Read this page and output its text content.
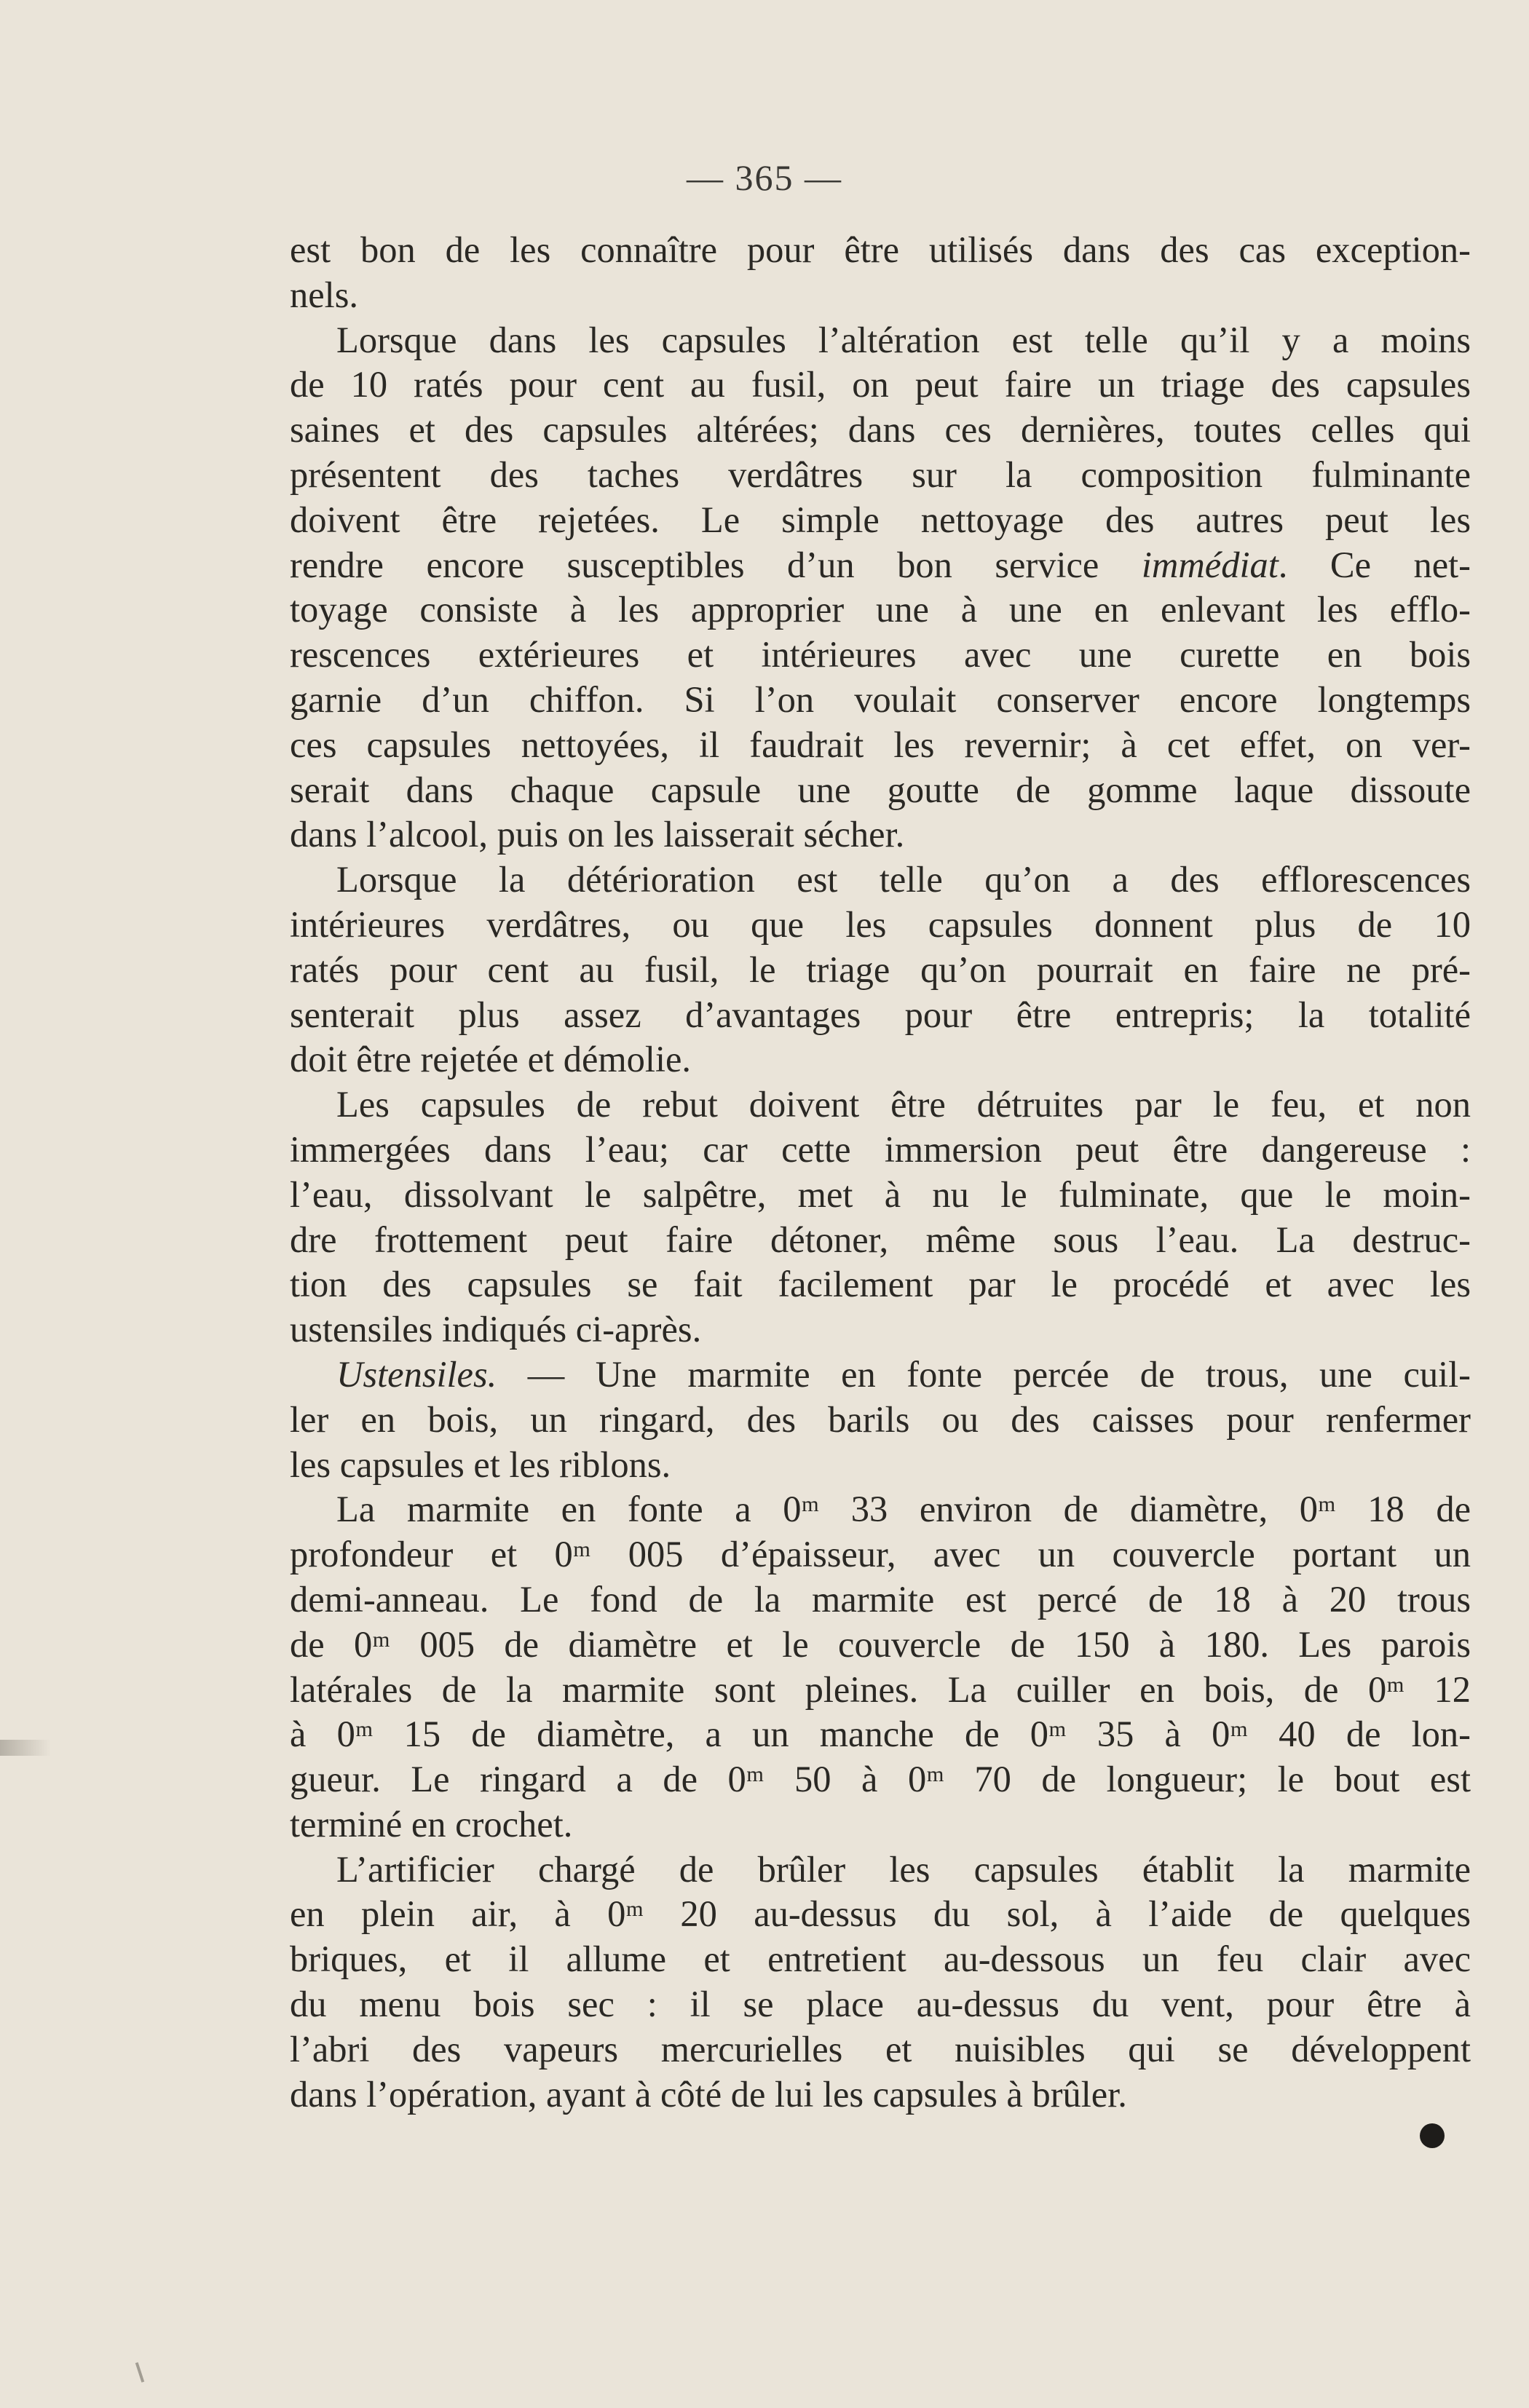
— 365 —
est bon de les connaître pour être utilisés dans des cas exception-
nels.
Lorsque dans les capsules l’altération est telle qu’il y a moins
de 10 ratés pour cent au fusil, on peut faire un triage des capsules
saines et des capsules altérées; dans ces dernières, toutes celles qui
présentent des taches verdâtres sur la composition fulminante
doivent être rejetées. Le simple nettoyage des autres peut les
rendre encore susceptibles d’un bon service immédiat. Ce net-
toyage consiste à les approprier une à une en enlevant les efflo-
rescences extérieures et intérieures avec une curette en bois
garnie d’un chiffon. Si l’on voulait conserver encore longtemps
ces capsules nettoyées, il faudrait les revernir; à cet effet, on ver-
serait dans chaque capsule une goutte de gomme laque dissoute
dans l’alcool, puis on les laisserait sécher.
Lorsque la détérioration est telle qu’on a des efflorescences
intérieures verdâtres, ou que les capsules donnent plus de 10
ratés pour cent au fusil, le triage qu’on pourrait en faire ne pré-
senterait plus assez d’avantages pour être entrepris; la totalité
doit être rejetée et démolie.
Les capsules de rebut doivent être détruites par le feu, et non
immergées dans l’eau; car cette immersion peut être dangereuse :
l’eau, dissolvant le salpêtre, met à nu le fulminate, que le moin-
dre frottement peut faire détoner, même sous l’eau. La destruc-
tion des capsules se fait facilement par le procédé et avec les
ustensiles indiqués ci-après.
Ustensiles. — Une marmite en fonte percée de trous, une cuil-
ler en bois, un ringard, des barils ou des caisses pour renfermer
les capsules et les riblons.
La marmite en fonte a 0ᵐ 33 environ de diamètre, 0ᵐ 18 de
profondeur et 0ᵐ 005 d’épaisseur, avec un couvercle portant un
demi-anneau. Le fond de la marmite est percé de 18 à 20 trous
de 0ᵐ 005 de diamètre et le couvercle de 150 à 180. Les parois
latérales de la marmite sont pleines. La cuiller en bois, de 0ᵐ 12
à 0ᵐ 15 de diamètre, a un manche de 0ᵐ 35 à 0ᵐ 40 de lon-
gueur. Le ringard a de 0ᵐ 50 à 0ᵐ 70 de longueur; le bout est
terminé en crochet.
L’artificier chargé de brûler les capsules établit la marmite
en plein air, à 0ᵐ 20 au-dessus du sol, à l’aide de quelques
briques, et il allume et entretient au-dessous un feu clair avec
du menu bois sec : il se place au-dessus du vent, pour être à
l’abri des vapeurs mercurielles et nuisibles qui se développent
dans l’opération, ayant à côté de lui les capsules à brûler.
